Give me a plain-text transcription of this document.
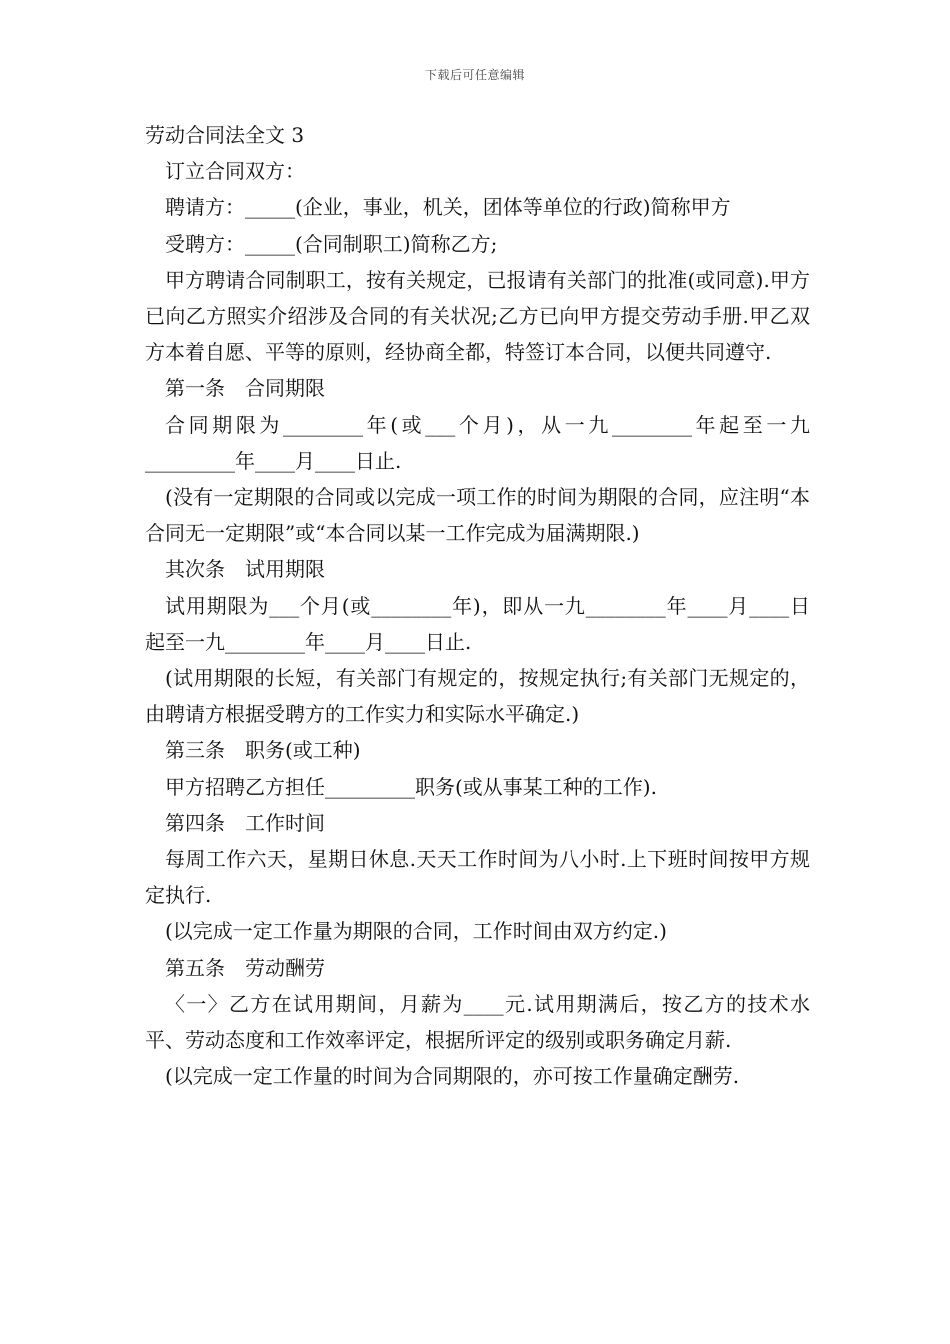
下载后可任意编辑
劳动合同法全文 3

订立合同双方：

聘请方：_____(企业，事业，机关，团体等单位的行政)简称甲方

受聘方：_____(合同制职工)简称乙方;

甲方聘请合同制职工，按有关规定，已报请有关部门的批准(或同意).甲方已向乙方照实介绍涉及合同的有关状况;乙方已向甲方提交劳动手册.甲乙双方本着自愿、平等的原则，经协商全都，特签订本合同，以便共同遵守.

第一条　合同期限

合同期限为________年(或___个月)，从一九________年起至一九_________年____月____日止.

(没有一定期限的合同或以完成一项工作的时间为期限的合同，应注明“本合同无一定期限”或“本合同以某一工作完成为届满期限.)

其次条　试用期限

试用期限为___个月(或________年)，即从一九________年____月____日起至一九________年____月____日止.

(试用期限的长短，有关部门有规定的，按规定执行;有关部门无规定的，由聘请方根据受聘方的工作实力和实际水平确定.)

第三条　职务(或工种)

甲方招聘乙方担任_________职务(或从事某工种的工作).

第四条　工作时间

每周工作六天，星期日休息.天天工作时间为八小时.上下班时间按甲方规定执行.

(以完成一定工作量为期限的合同，工作时间由双方约定.)

第五条　劳动酬劳

〈一〉乙方在试用期间，月薪为____元.试用期满后，按乙方的技术水平、劳动态度和工作效率评定，根据所评定的级别或职务确定月薪.

(以完成一定工作量的时间为合同期限的，亦可按工作量确定酬劳.
